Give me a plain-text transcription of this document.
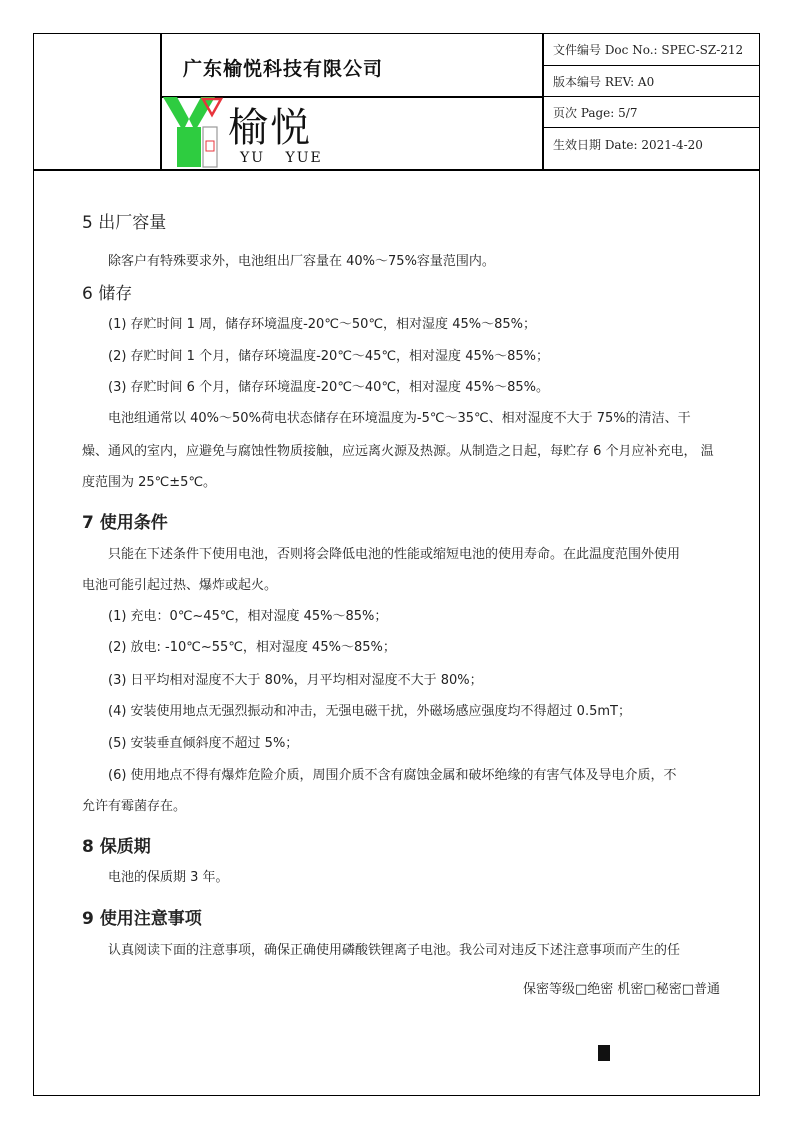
广东榆悦科技有限公司
文件编号 Doc No.: SPEC-SZ-212
版本编号 REV: A0
页次 Page: 5/7
生效日期 Date: 2021-4-20
榆悦
YU YUE
5 出厂容量
除客户有特殊要求外，电池组出厂容量在 40%～75%容量范围内。
6 储存
(1) 存贮时间 1 周，储存环境温度-20℃～50℃，相对湿度 45%～85%；
(2) 存贮时间 1 个月，储存环境温度-20℃～45℃，相对湿度 45%～85%；
(3) 存贮时间 6 个月，储存环境温度-20℃～40℃，相对湿度 45%～85%。
电池组通常以 40%～50%荷电状态储存在环境温度为-5℃～35℃、相对湿度不大于 75%的清洁、干
燥、通风的室内，应避免与腐蚀性物质接触，应远离火源及热源。从制造之日起，每贮存 6 个月应补充电， 温
度范围为 25℃±5℃。
7 使用条件
只能在下述条件下使用电池，否则将会降低电池的性能或缩短电池的使用寿命。在此温度范围外使用
电池可能引起过热、爆炸或起火。
(1) 充电：0℃~45℃，相对湿度 45%～85%；
(2) 放电: -10℃~55℃，相对湿度 45%～85%；
(3) 日平均相对湿度不大于 80%，月平均相对湿度不大于 80%；
(4) 安装使用地点无强烈振动和冲击，无强电磁干扰，外磁场感应强度均不得超过 0.5mT；
(5) 安装垂直倾斜度不超过 5%；
(6) 使用地点不得有爆炸危险介质，周围介质不含有腐蚀金属和破坏绝缘的有害气体及导电介质，不
允许有霉菌存在。
8 保质期
电池的保质期 3 年。
9 使用注意事项
认真阅读下面的注意事项，确保正确使用磷酸铁锂离子电池。我公司对违反下述注意事项而产生的任
保密等级□绝密 机密□秘密□普通
